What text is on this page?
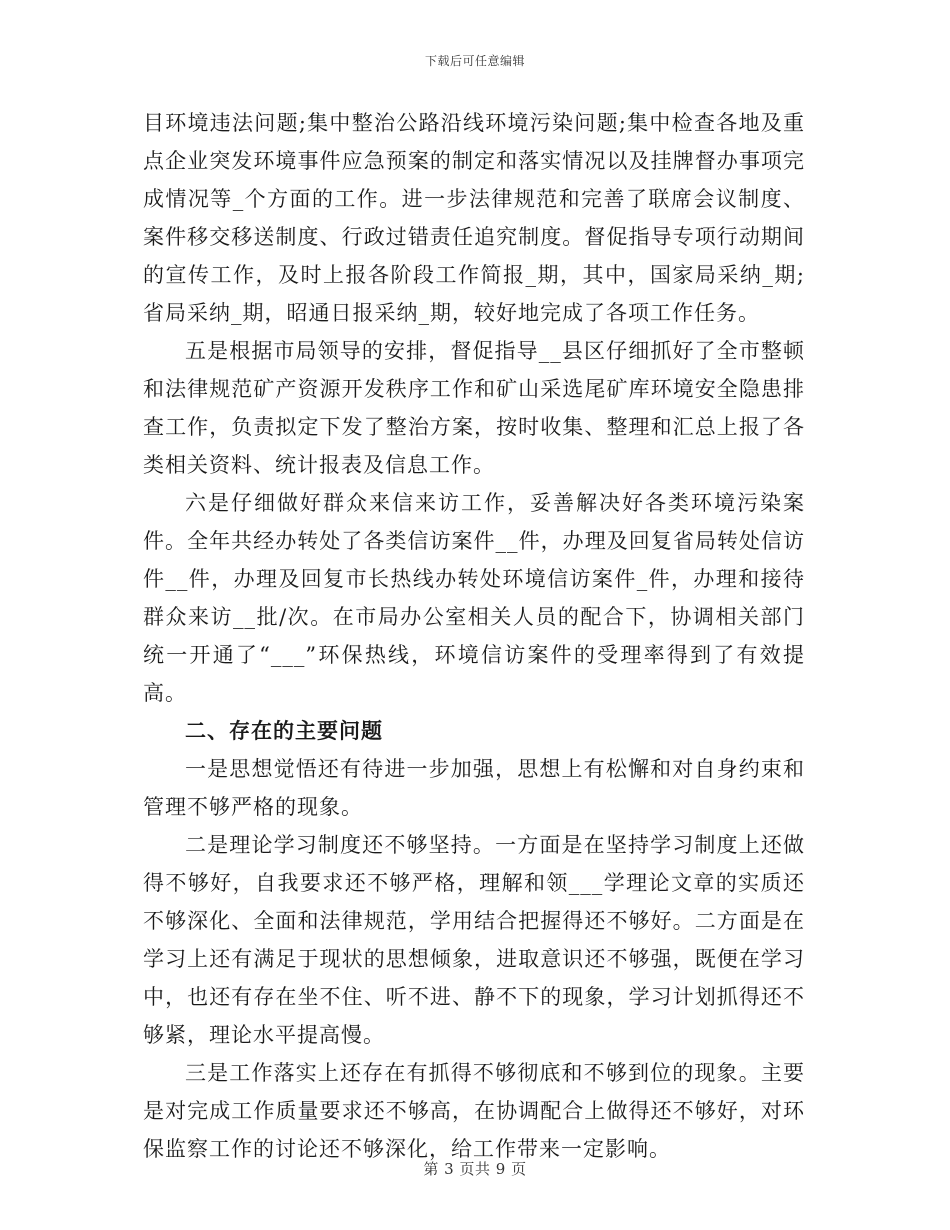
下载后可任意编辑

目环境违法问题;集中整治公路沿线环境污染问题;集中检查各地及重点企业突发环境事件应急预案的制定和落实情况以及挂牌督办事项完成情况等_个方面的工作。进一步法律规范和完善了联席会议制度、案件移交移送制度、行政过错责任追究制度。督促指导专项行动期间的宣传工作，及时上报各阶段工作简报_期，其中，国家局采纳_期;省局采纳_期，昭通日报采纳_期，较好地完成了各项工作任务。

五是根据市局领导的安排，督促指导__县区仔细抓好了全市整顿和法律规范矿产资源开发秩序工作和矿山采选尾矿库环境安全隐患排查工作，负责拟定下发了整治方案，按时收集、整理和汇总上报了各类相关资料、统计报表及信息工作。

六是仔细做好群众来信来访工作，妥善解决好各类环境污染案件。全年共经办转处了各类信访案件__件，办理及回复省局转处信访件__件，办理及回复市长热线办转处环境信访案件_件，办理和接待群众来访__批/次。在市局办公室相关人员的配合下，协调相关部门统一开通了“___”环保热线，环境信访案件的受理率得到了有效提高。

二、存在的主要问题

一是思想觉悟还有待进一步加强，思想上有松懈和对自身约束和管理不够严格的现象。

二是理论学习制度还不够坚持。一方面是在坚持学习制度上还做得不够好，自我要求还不够严格，理解和领___学理论文章的实质还不够深化、全面和法律规范，学用结合把握得还不够好。二方面是在学习上还有满足于现状的思想倾象，进取意识还不够强，既便在学习中，也还有存在坐不住、听不进、静不下的现象，学习计划抓得还不够紧，理论水平提高慢。

三是工作落实上还存在有抓得不够彻底和不够到位的现象。主要是对完成工作质量要求还不够高，在协调配合上做得还不够好，对环保监察工作的讨论还不够深化，给工作带来一定影响。

第 3 页共 9 页
